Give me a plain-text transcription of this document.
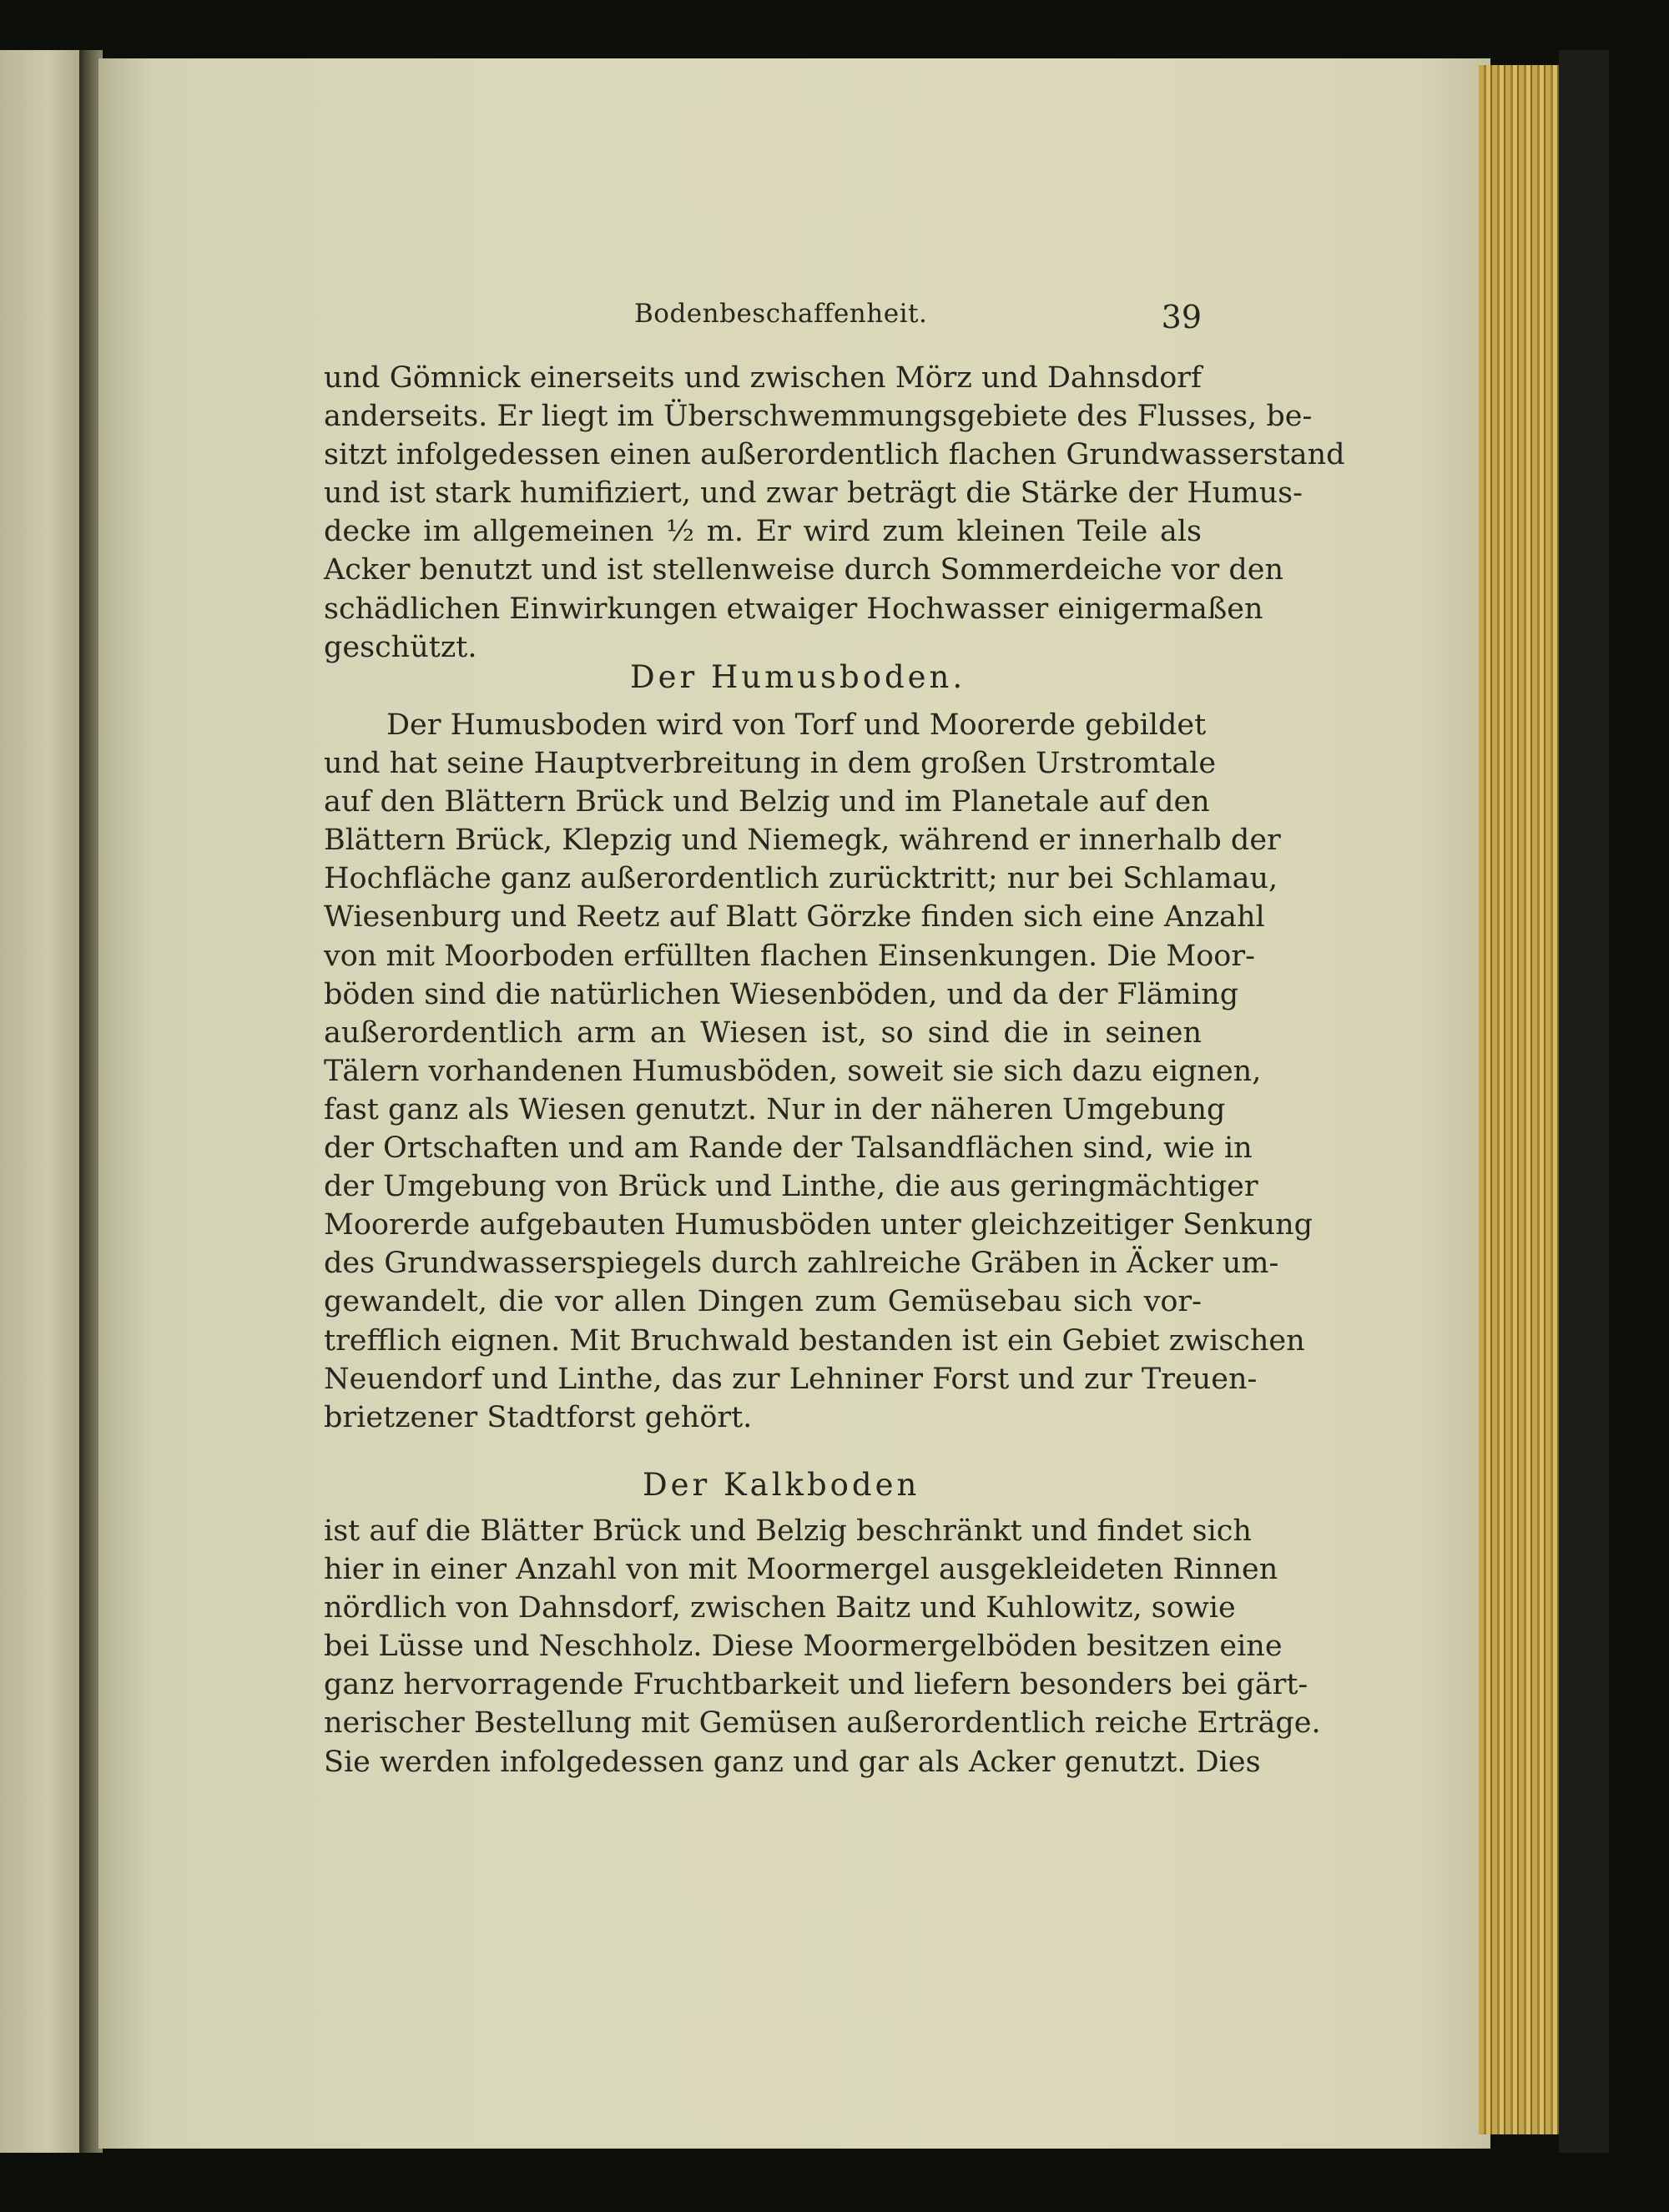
Bodenbeschaffenheit.	39
und Gömnick einerseits und zwischen Mörz und Dahnsdorf
anderseits. Er liegt im Überschwemmungsgebiete des Flusses, be-
sitzt infolgedessen einen außerordentlich flachen Grundwasserstand
und ist stark humifiziert, und zwar beträgt die Stärke der Humus-
decke im allgemeinen ½ m. Er wird zum kleinen Teile als
Acker benutzt und ist stellenweise durch Sommerdeiche vor den
schädlichen Einwirkungen etwaiger Hochwasser einigermaßen
geschützt.
Der Humusboden.
Der Humusboden wird von Torf und Moorerde gebildet
und hat seine Hauptverbreitung in dem großen Urstromtale
auf den Blättern Brück und Belzig und im Planetale auf den
Blättern Brück, Klepzig und Niemegk, während er innerhalb der
Hochfläche ganz außerordentlich zurücktritt; nur bei Schlamau,
Wiesenburg und Reetz auf Blatt Görzke finden sich eine Anzahl
von mit Moorboden erfüllten flachen Einsenkungen. Die Moor-
böden sind die natürlichen Wiesenböden, und da der Fläming
außerordentlich arm an Wiesen ist, so sind die in seinen
Tälern vorhandenen Humusböden, soweit sie sich dazu eignen,
fast ganz als Wiesen genutzt. Nur in der näheren Umgebung
der Ortschaften und am Rande der Talsandflächen sind, wie in
der Umgebung von Brück und Linthe, die aus geringmächtiger
Moorerde aufgebauten Humusböden unter gleichzeitiger Senkung
des Grundwasserspiegels durch zahlreiche Gräben in Äcker um-
gewandelt, die vor allen Dingen zum Gemüsebau sich vor-
trefflich eignen. Mit Bruchwald bestanden ist ein Gebiet zwischen
Neuendorf und Linthe, das zur Lehniner Forst und zur Treuen-
brietzener Stadtforst gehört.
Der Kalkboden
ist auf die Blätter Brück und Belzig beschränkt und findet sich
hier in einer Anzahl von mit Moormergel ausgekleideten Rinnen
nördlich von Dahnsdorf, zwischen Baitz und Kuhlowitz, sowie
bei Lüsse und Neschholz. Diese Moormergelböden besitzen eine
ganz hervorragende Fruchtbarkeit und liefern besonders bei gärt-
nerischer Bestellung mit Gemüsen außerordentlich reiche Erträge.
Sie werden infolgedessen ganz und gar als Acker genutzt. Dies
